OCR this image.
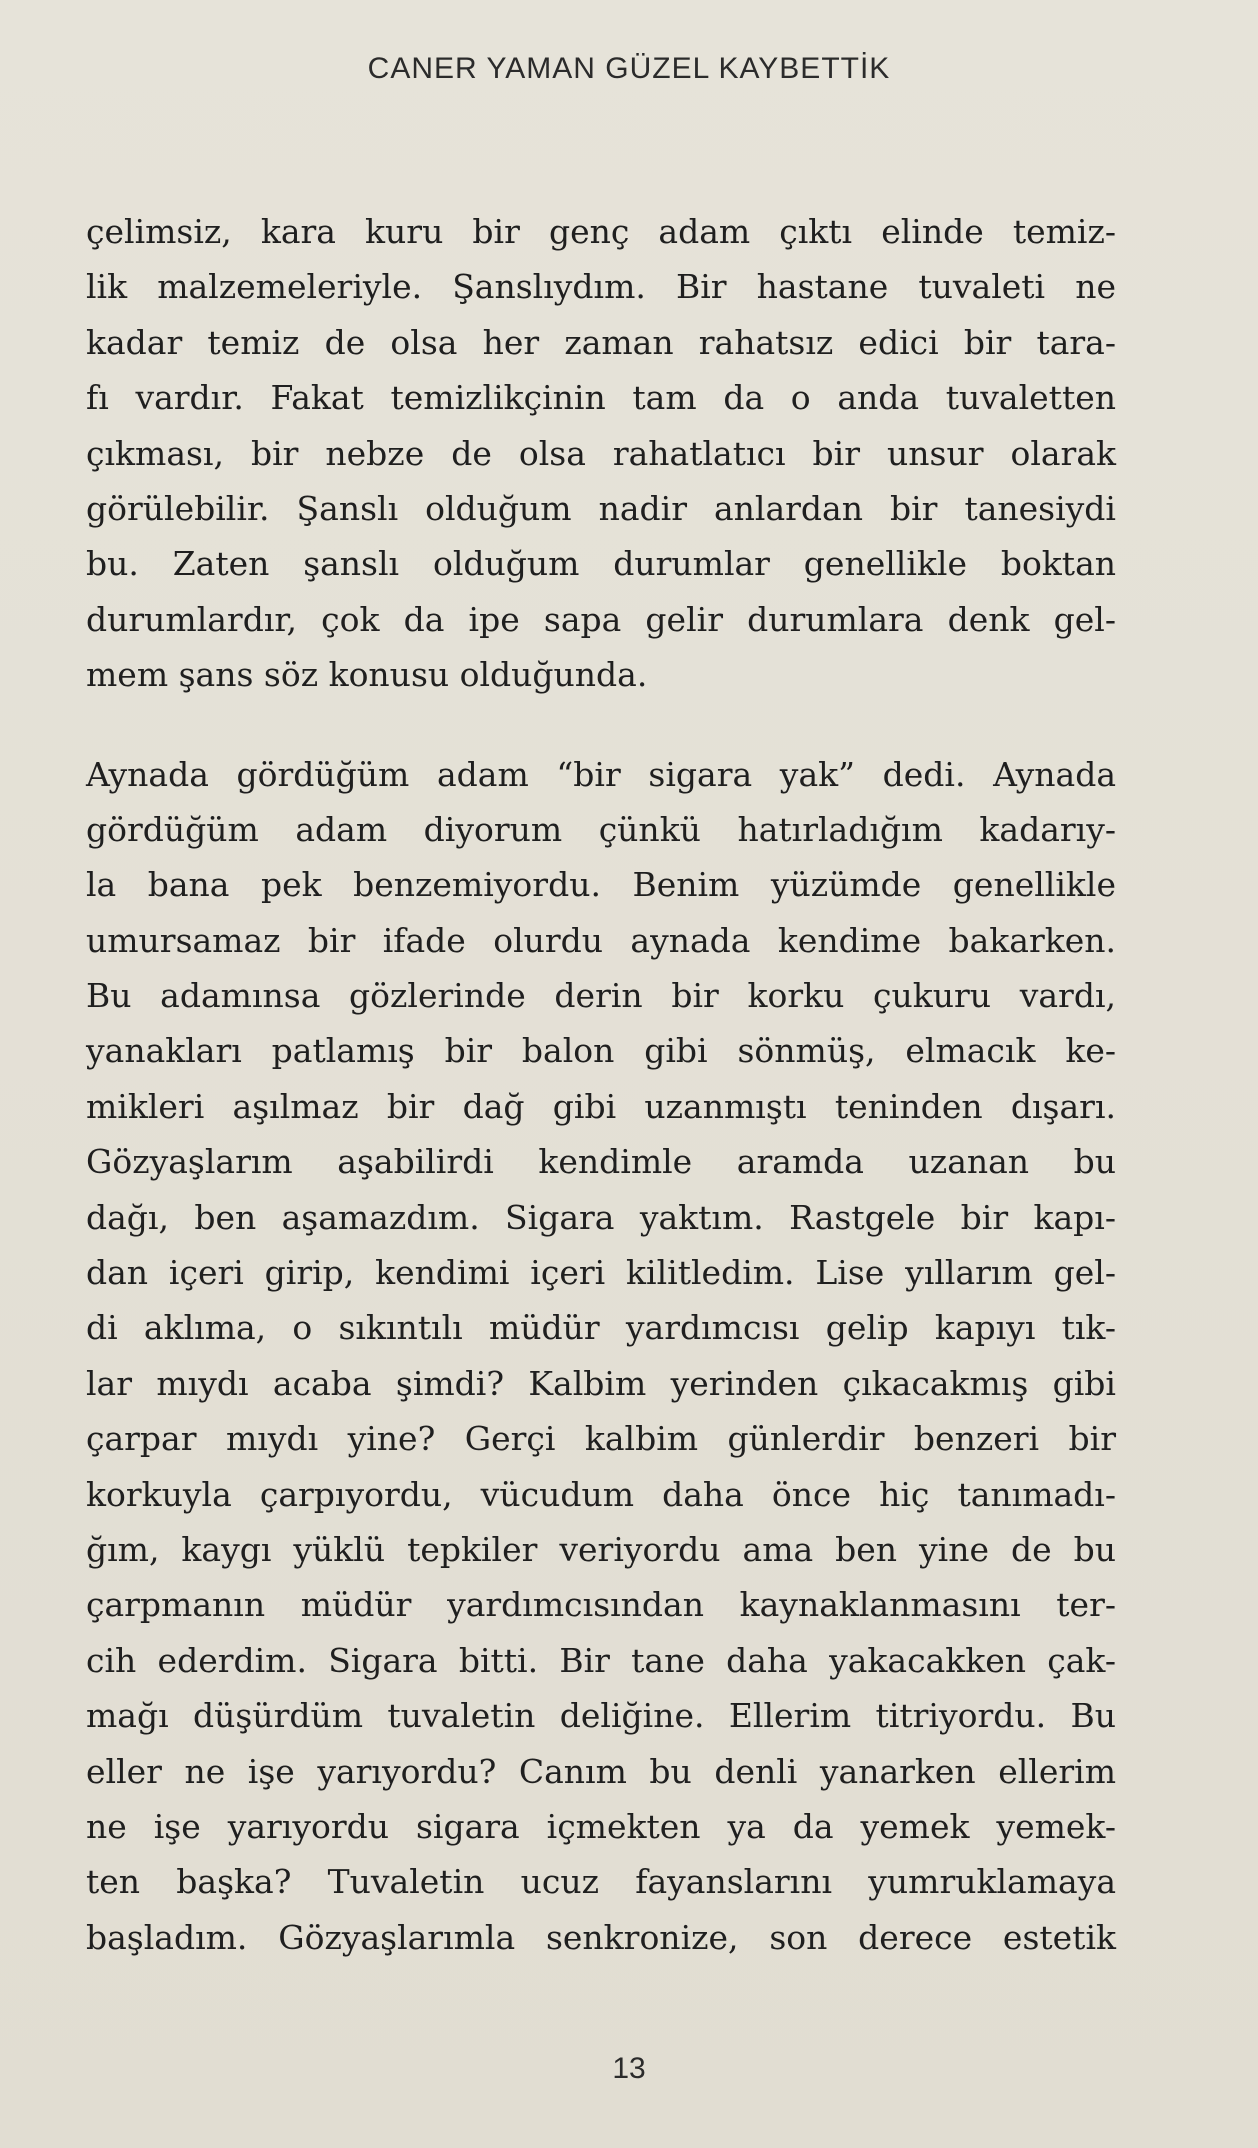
CANER YAMAN GÜZEL KAYBETTİK

çelimsiz, kara kuru bir genç adam çıktı elinde temiz-
lik malzemeleriyle. Şanslıydım. Bir hastane tuvaleti ne
kadar temiz de olsa her zaman rahatsız edici bir tara-
fı vardır. Fakat temizlikçinin tam da o anda tuvaletten
çıkması, bir nebze de olsa rahatlatıcı bir unsur olarak
görülebilir. Şanslı olduğum nadir anlardan bir tanesiydi
bu. Zaten şanslı olduğum durumlar genellikle boktan
durumlardır, çok da ipe sapa gelir durumlara denk gel-
mem şans söz konusu olduğunda.

Aynada gördüğüm adam “bir sigara yak” dedi. Aynada
gördüğüm adam diyorum çünkü hatırladığım kadarıy-
la bana pek benzemiyordu. Benim yüzümde genellikle
umursamaz bir ifade olurdu aynada kendime bakarken.
Bu adamınsa gözlerinde derin bir korku çukuru vardı,
yanakları patlamış bir balon gibi sönmüş, elmacık ke-
mikleri aşılmaz bir dağ gibi uzanmıştı teninden dışarı.
Gözyaşlarım aşabilirdi kendimle aramda uzanan bu
dağı, ben aşamazdım. Sigara yaktım. Rastgele bir kapı-
dan içeri girip, kendimi içeri kilitledim. Lise yıllarım gel-
di aklıma, o sıkıntılı müdür yardımcısı gelip kapıyı tık-
lar mıydı acaba şimdi? Kalbim yerinden çıkacakmış gibi
çarpar mıydı yine? Gerçi kalbim günlerdir benzeri bir
korkuyla çarpıyordu, vücudum daha önce hiç tanımadı-
ğım, kaygı yüklü tepkiler veriyordu ama ben yine de bu
çarpmanın müdür yardımcısından kaynaklanmasını ter-
cih ederdim. Sigara bitti. Bir tane daha yakacakken çak-
mağı düşürdüm tuvaletin deliğine. Ellerim titriyordu. Bu
eller ne işe yarıyordu? Canım bu denli yanarken ellerim
ne işe yarıyordu sigara içmekten ya da yemek yemek-
ten başka? Tuvaletin ucuz fayanslarını yumruklamaya
başladım. Gözyaşlarımla senkronize, son derece estetik

13
